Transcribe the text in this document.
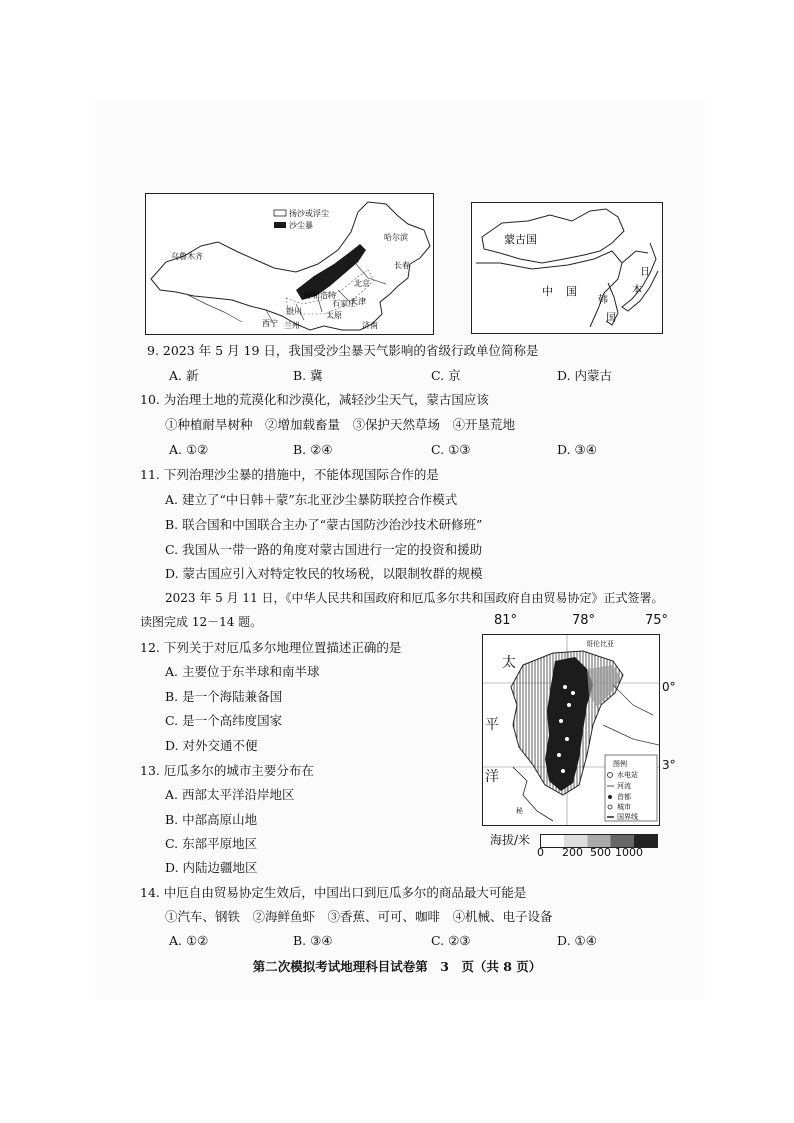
扬沙或浮尘
沙尘暴
乌鲁木齐
哈尔滨
长春
北京
天津
呼和浩特
石家庄
太原
银川
西宁 兰州	济南
蒙古国
中 国
韩
国
日
本
9. 2023 年 5 月 19 日，我国受沙尘暴天气影响的省级行政单位简称是
A. 新	B. 冀	C. 京	D. 内蒙古
10. 为治理土地的荒漠化和沙漠化，减轻沙尘天气，蒙古国应该
①种植耐旱树种　②增加载畜量　③保护天然草场　④开垦荒地
A. ①②	B. ②④	C. ①③	D. ③④
11. 下列治理沙尘暴的措施中，不能体现国际合作的是
A. 建立了“中日韩＋蒙”东北亚沙尘暴防联控合作模式
B. 联合国和中国联合主办了“蒙古国防沙治沙技术研修班”
C. 我国从一带一路的角度对蒙古国进行一定的投资和援助
D. 蒙古国应引入对特定牧民的牧场税，以限制牧群的规模
2023 年 5 月 11 日，《中华人民共和国政府和厄瓜多尔共和国政府自由贸易协定》正式签署。
读图完成 12－14 题。
12. 下列关于对厄瓜多尔地理位置描述正确的是
A. 主要位于东半球和南半球
B. 是一个海陆兼备国
C. 是一个高纬度国家
D. 对外交通不便
13. 厄瓜多尔的城市主要分布在
A. 西部太平洋沿岸地区
B. 中部高原山地
C. 东部平原地区
D. 内陆边疆地区
14. 中厄自由贸易协定生效后，中国出口到厄瓜多尔的商品最大可能是
①汽车、钢铁　②海鲜鱼虾　③香蕉、可可、咖啡　④机械、电子设备
A. ①②	B. ③④	C. ②③	D. ①④
81°	78°	75°
图例
水电站
河流
首都
城市
国界线
太
平
洋
哥伦比亚
秘
0°
3°
海拔/米
0 200 500 1000
第二次模拟考试地理科目试卷第　3　页（共 8 页）
